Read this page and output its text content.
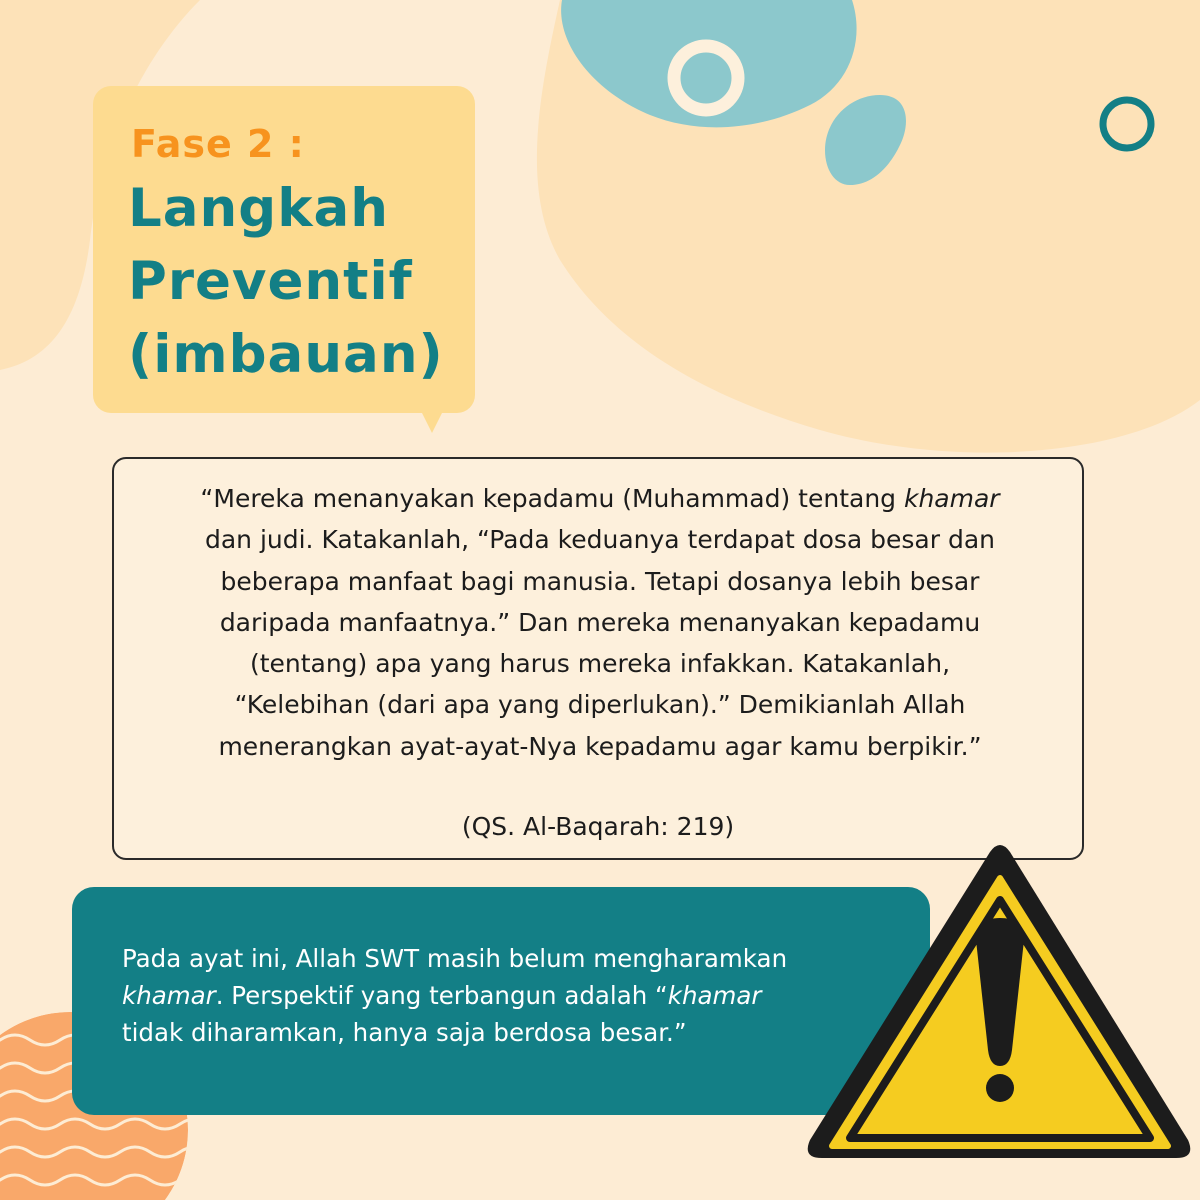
Fase 2 :
Langkah
Preventif
(imbauan)
“Mereka menanyakan kepadamu (Muhammad) tentang khamar
dan judi. Katakanlah, “Pada keduanya terdapat dosa besar dan
beberapa manfaat bagi manusia. Tetapi dosanya lebih besar
daripada manfaatnya.” Dan mereka menanyakan kepadamu
(tentang) apa yang harus mereka infakkan. Katakanlah,
“Kelebihan (dari apa yang diperlukan).” Demikianlah Allah
menerangkan ayat-ayat-Nya kepadamu agar kamu berpikir.”
(QS. Al-Baqarah: 219)
Pada ayat ini, Allah SWT masih belum mengharamkan
khamar. Perspektif yang terbangun adalah “khamar
tidak diharamkan, hanya saja berdosa besar.”
